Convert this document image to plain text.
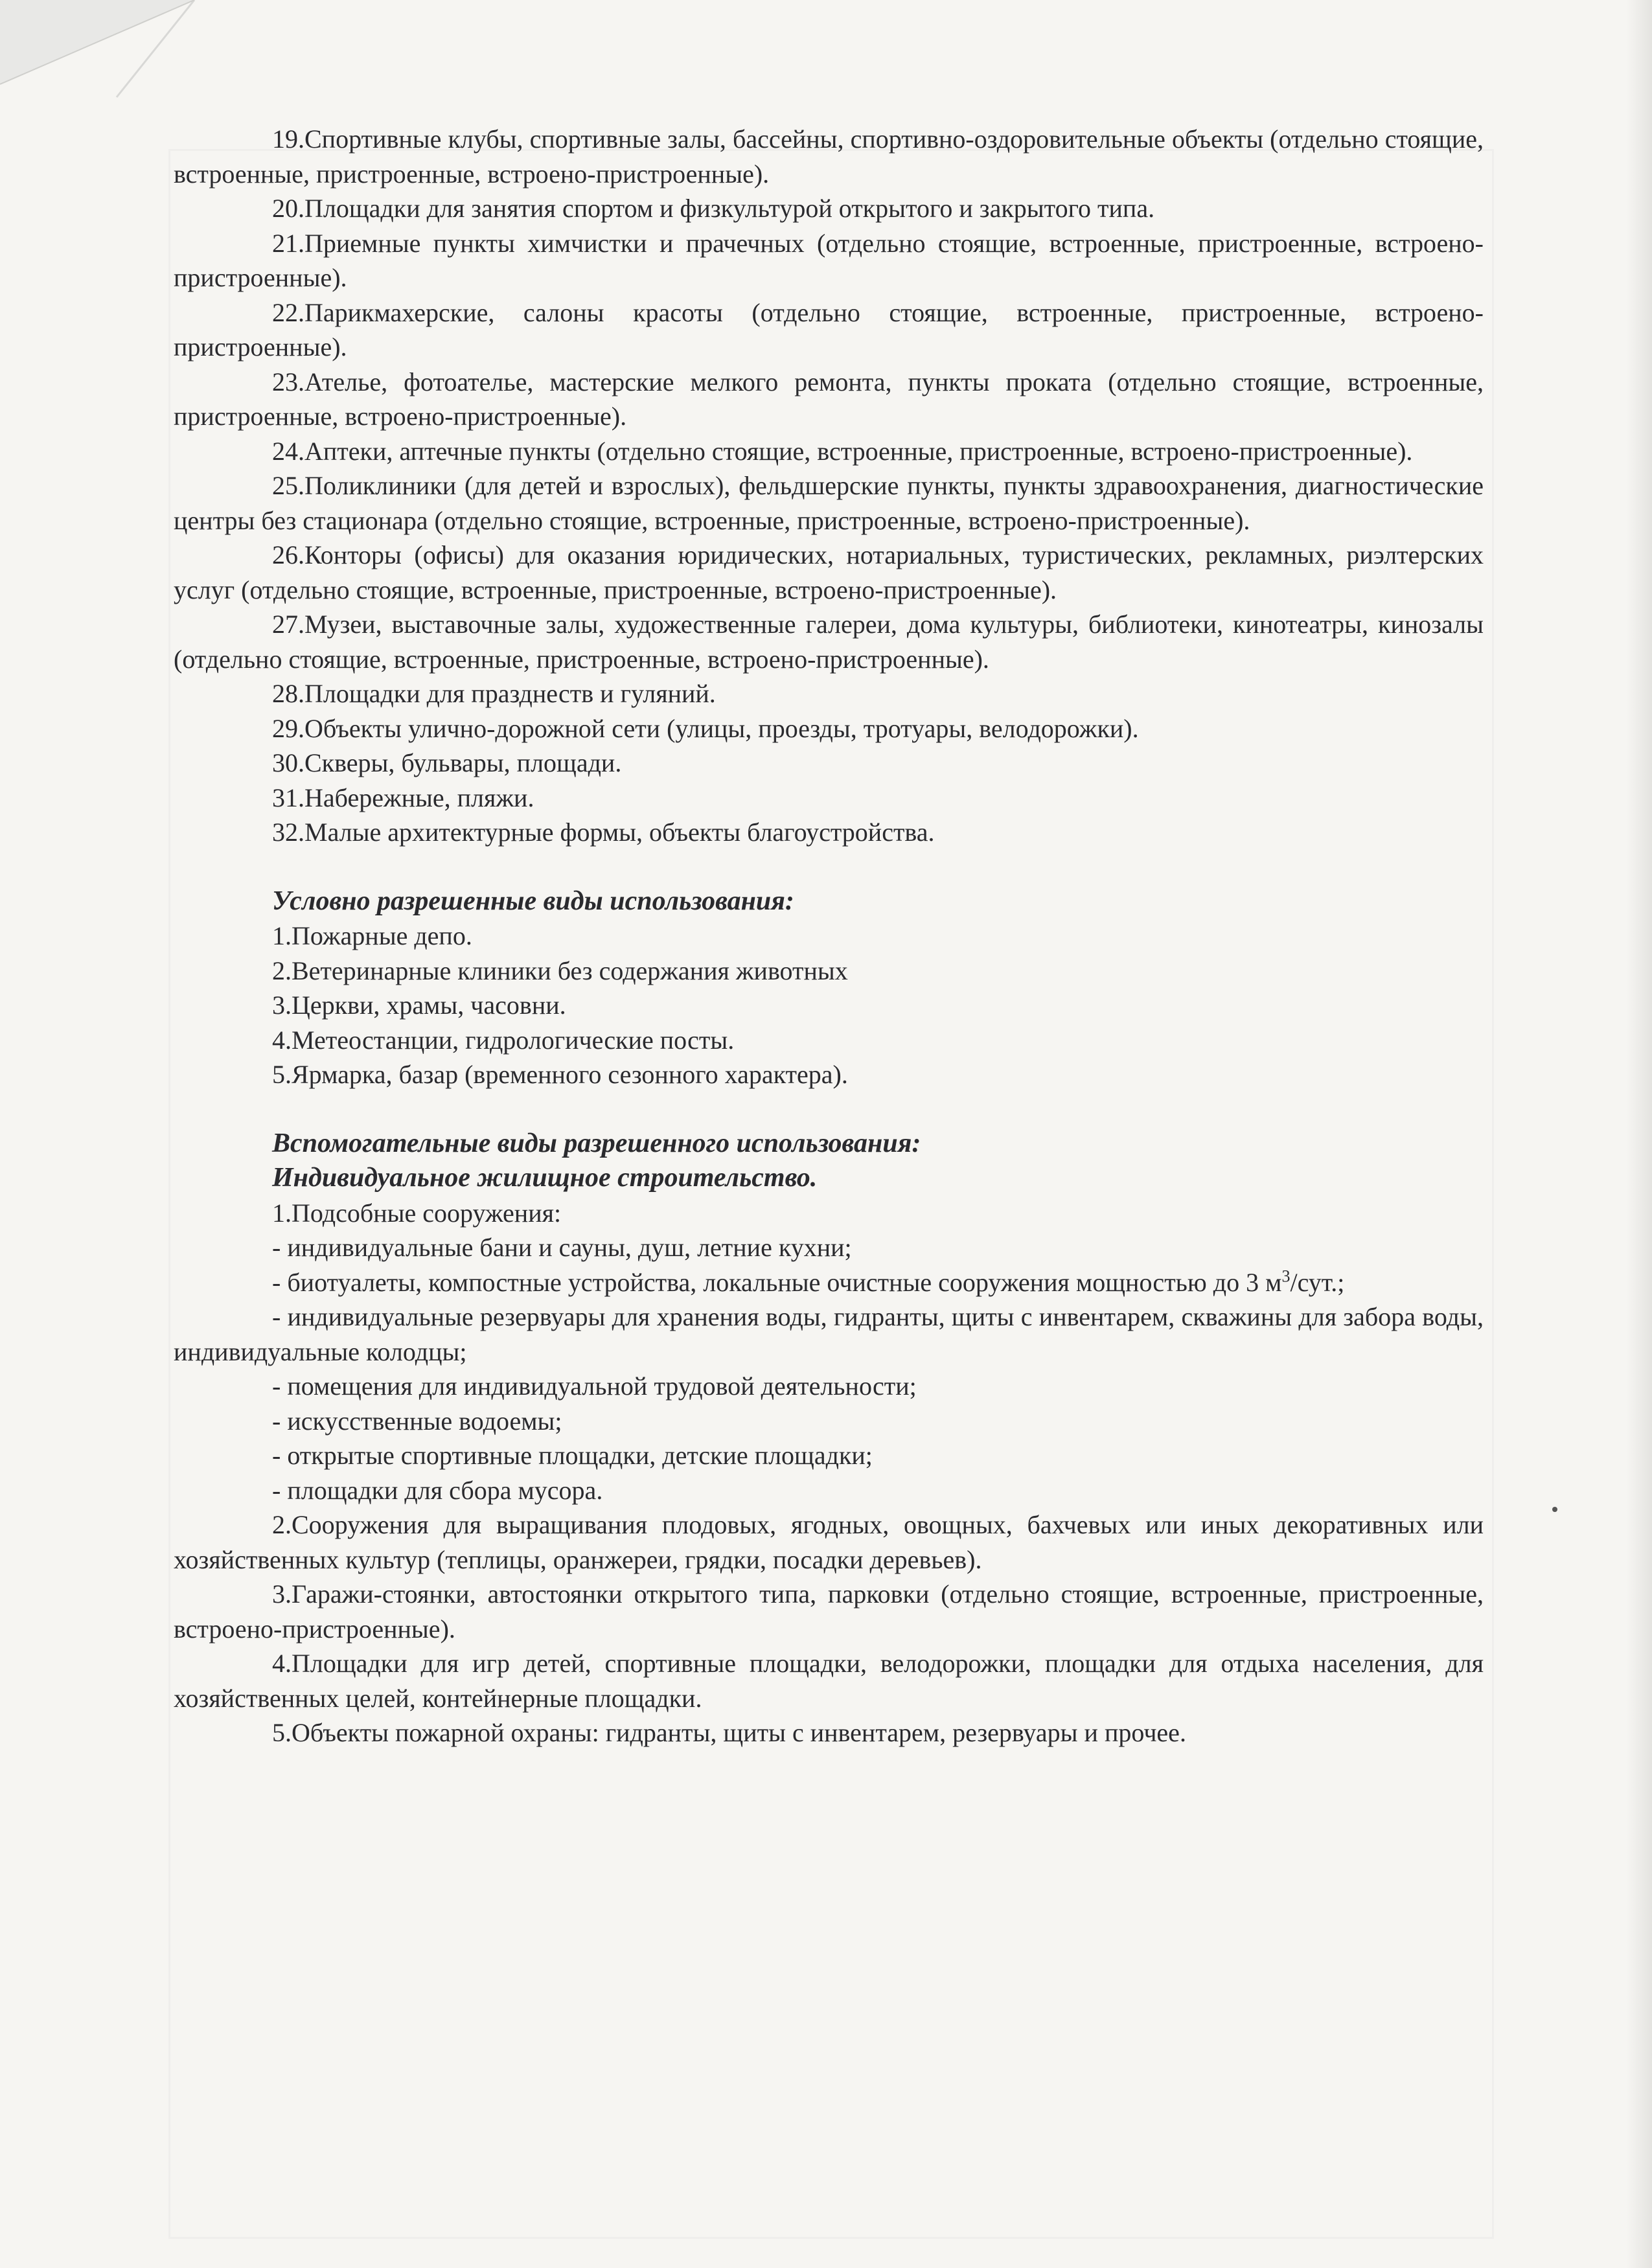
19.Спортивные клубы, спортивные залы, бассейны, спортивно-оздоровительные объекты (отдельно стоящие, встроенные, пристроенные, встроено-пристроенные).

20.Площадки для занятия спортом и физкультурой открытого и закрытого типа.

21.Приемные пункты химчистки и прачечных (отдельно стоящие, встроенные, пристроенные, встроено-пристроенные).

22.Парикмахерские, салоны красоты (отдельно стоящие, встроенные, пристроенные, встроено-пристроенные).

23.Ателье, фотоателье, мастерские мелкого ремонта, пункты проката (отдельно стоящие, встроенные, пристроенные, встроено-пристроенные).

24.Аптеки, аптечные пункты (отдельно стоящие, встроенные, пристроенные, встроено-пристроенные).

25.Поликлиники (для детей и взрослых), фельдшерские пункты, пункты здравоохранения, диагностические центры без стационара (отдельно стоящие, встроенные, пристроенные, встроено-пристроенные).

26.Конторы (офисы) для оказания юридических, нотариальных, туристических, рекламных, риэлтерских услуг (отдельно стоящие, встроенные, пристроенные, встроено-пристроенные).

27.Музеи, выставочные залы, художественные галереи, дома культуры, библиотеки, кинотеатры, кинозалы (отдельно стоящие, встроенные, пристроенные, встроено-пристроенные).

28.Площадки для празднеств и гуляний.

29.Объекты улично-дорожной сети (улицы, проезды, тротуары, велодорожки).

30.Скверы, бульвары, площади.

31.Набережные, пляжи.

32.Малые архитектурные формы, объекты благоустройства.

Условно разрешенные виды использования:

1.Пожарные депо.

2.Ветеринарные клиники без содержания животных

3.Церкви, храмы, часовни.

4.Метеостанции, гидрологические посты.

5.Ярмарка, базар (временного сезонного характера).

Вспомогательные виды разрешенного использования:

Индивидуальное жилищное строительство.

1.Подсобные сооружения:

- индивидуальные бани и сауны, душ, летние кухни;

- биотуалеты, компостные устройства, локальные очистные сооружения мощностью до 3 $м^3$/сут.;

- индивидуальные резервуары для хранения воды, гидранты, щиты с инвентарем, скважины для забора воды, индивидуальные колодцы;

- помещения для индивидуальной трудовой деятельности;

- искусственные водоемы;

- открытые спортивные площадки, детские площадки;

- площадки для сбора мусора.

2.Сооружения для выращивания плодовых, ягодных, овощных, бахчевых или иных декоративных или хозяйственных культур (теплицы, оранжереи, грядки, посадки деревьев).

3.Гаражи-стоянки, автостоянки открытого типа, парковки (отдельно стоящие, встроенные, пристроенные, встроено-пристроенные).

4.Площадки для игр детей, спортивные площадки, велодорожки, площадки для отдыха населения, для хозяйственных целей, контейнерные площадки.

5.Объекты пожарной охраны: гидранты, щиты с инвентарем, резервуары и прочее.
